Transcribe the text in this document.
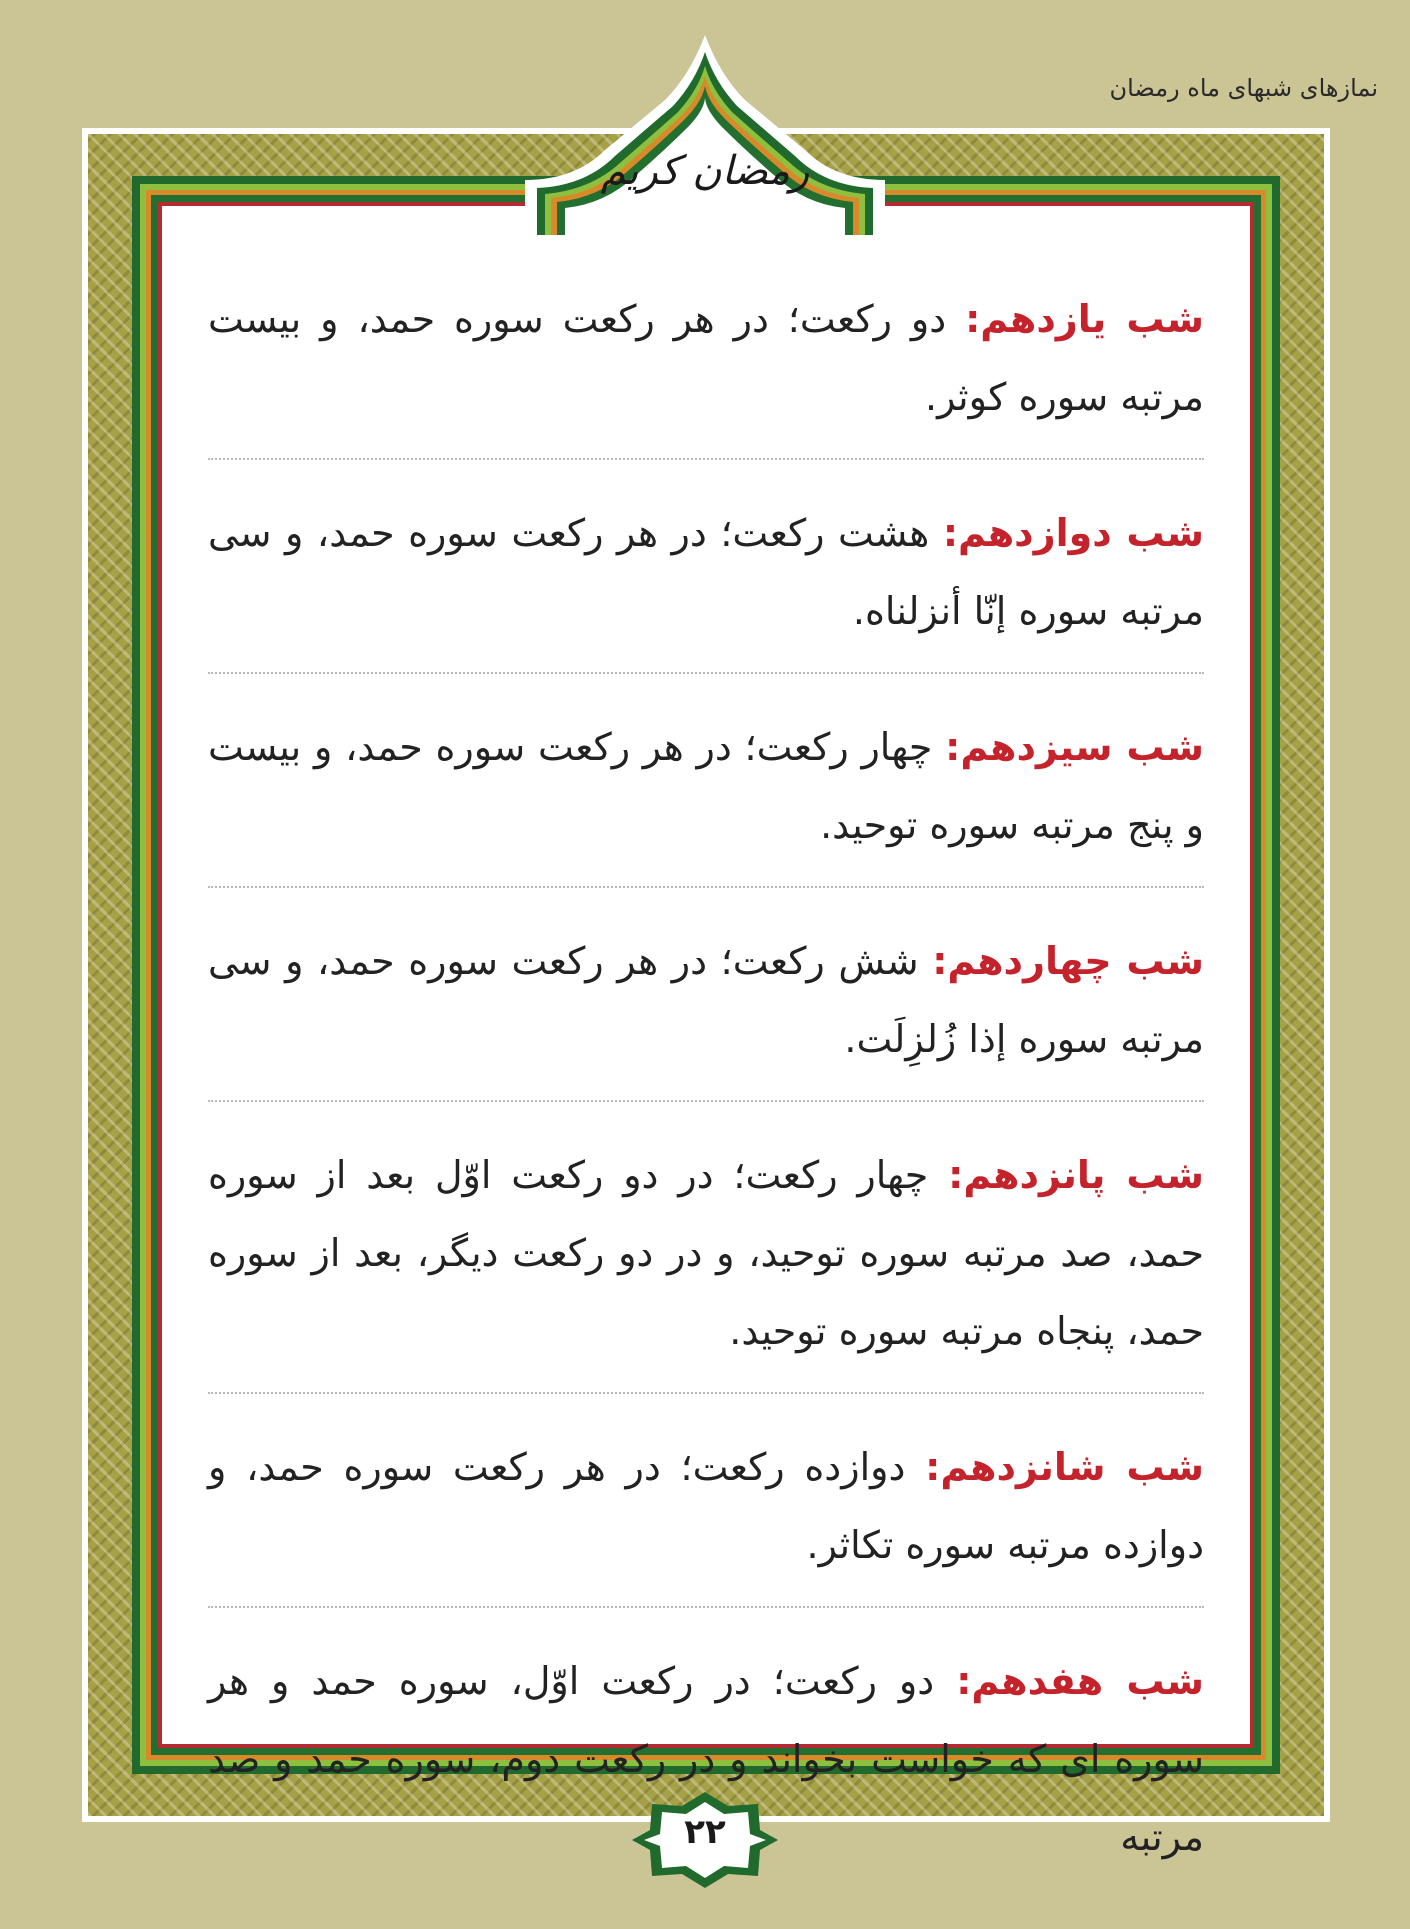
نمازهای شبهای ماه رمضان
رمضان کریم

شب یازدهم: دو رکعت؛ در هر رکعت سوره حمد، و بیست مرتبه سوره کوثر.

شب دوازدهم: هشت رکعت؛ در هر رکعت سوره حمد، و سی مرتبه سوره إنّا أنزلناه.

شب سیزدهم: چهار رکعت؛ در هر رکعت سوره حمد، و بیست و پنج مرتبه سوره توحید.

شب چهاردهم: شش رکعت؛ در هر رکعت سوره حمد، و سی مرتبه سوره إذا زُلزِلَت.

شب پانزدهم: چهار رکعت؛ در دو رکعت اوّل بعد از سوره حمد، صد مرتبه سوره توحید، و در دو رکعت دیگر، بعد از سوره حمد، پنجاه مرتبه سوره توحید.

شب شانزدهم: دوازده رکعت؛ در هر رکعت سوره حمد، و دوازده مرتبه سوره تکاثر.

شب هفدهم: دو رکعت؛ در رکعت اوّل، سوره حمد و هر سوره ای که خواست بخواند و در رکعت دوم، سوره حمد و صد مرتبه

۲۲
